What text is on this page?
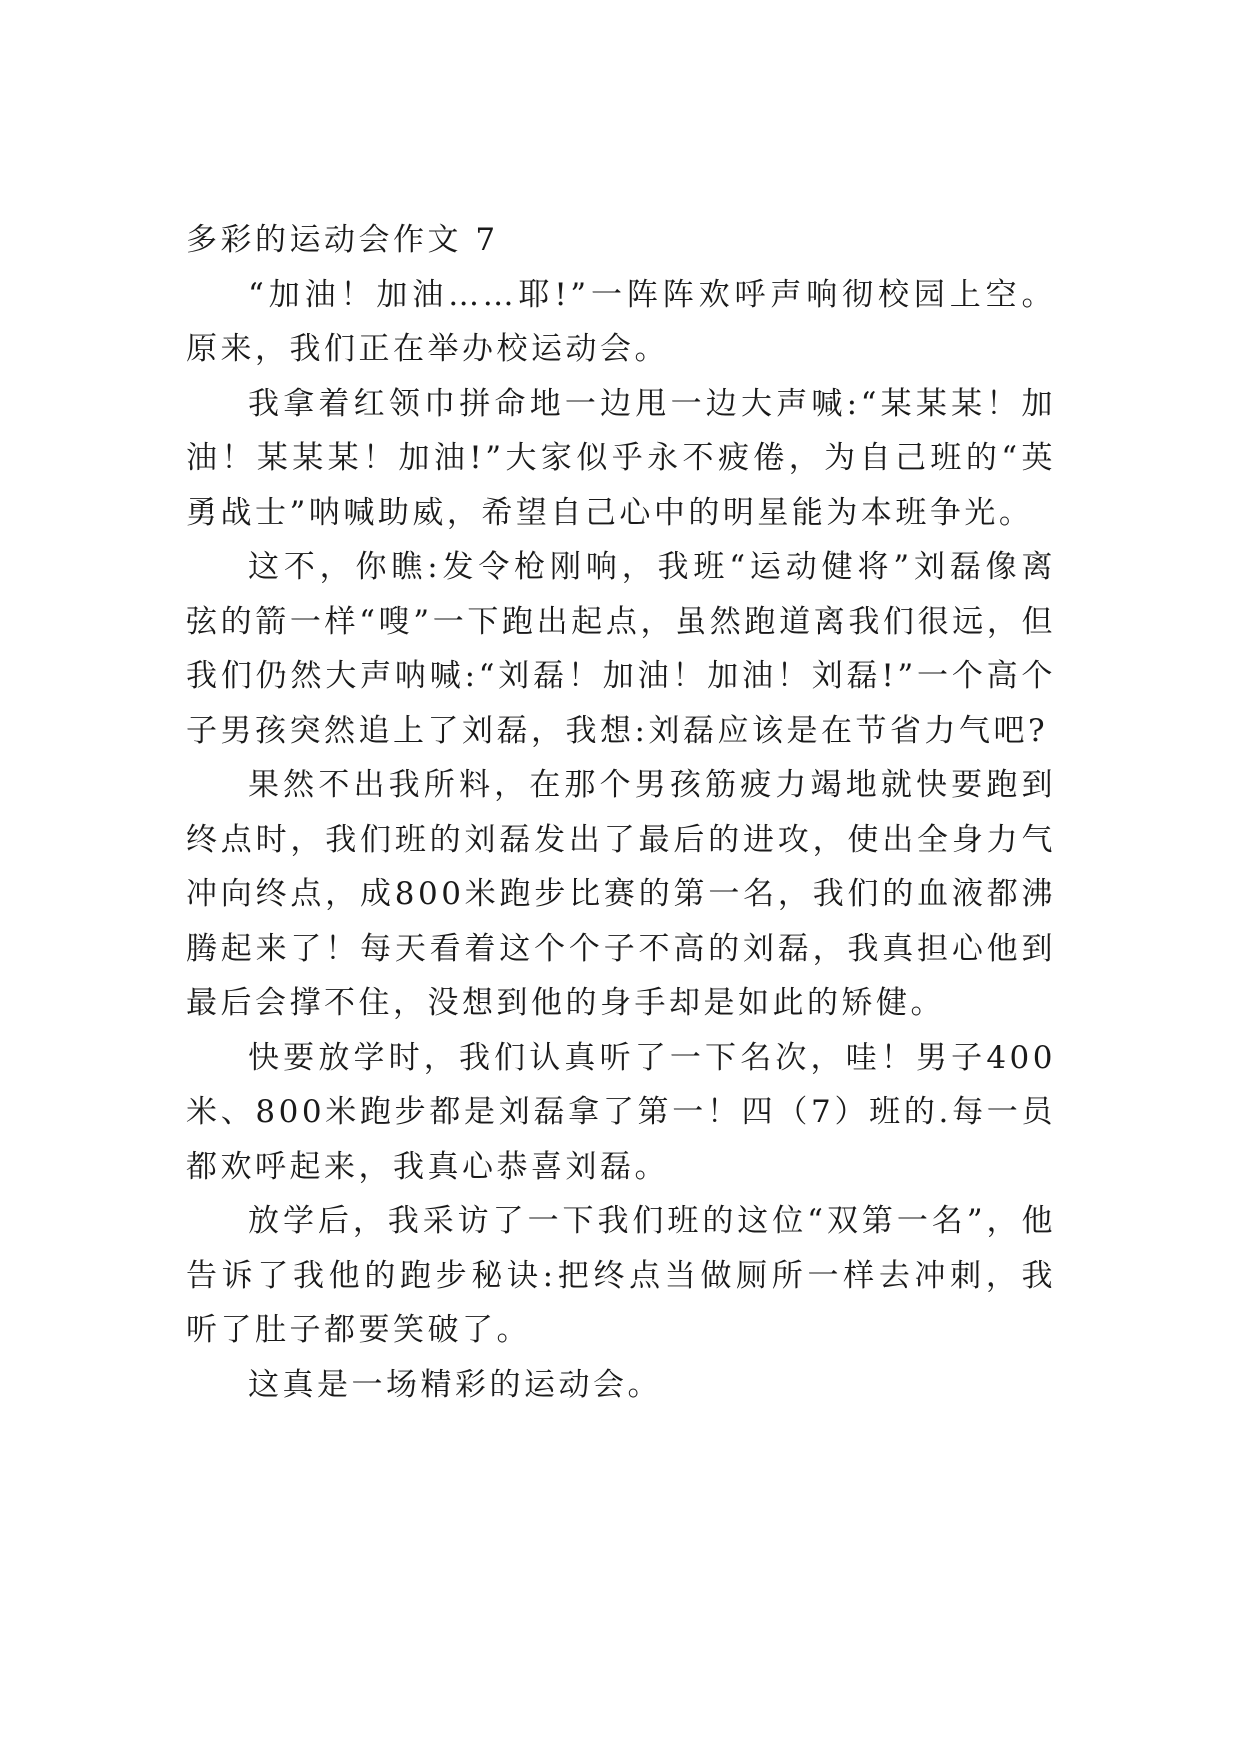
多彩的运动会作文 7

“加油！加油……耶!”一阵阵欢呼声响彻校园上空。原来，我们正在举办校运动会。

我拿着红领巾拼命地一边甩一边大声喊:“某某某！加油！某某某！加油!”大家似乎永不疲倦，为自己班的“英勇战士”呐喊助威，希望自己心中的明星能为本班争光。

这不，你瞧:发令枪刚响，我班“运动健将”刘磊像离弦的箭一样“嗖”一下跑出起点，虽然跑道离我们很远，但我们仍然大声呐喊:“刘磊！加油！加油！刘磊!”一个高个子男孩突然追上了刘磊，我想:刘磊应该是在节省力气吧?

果然不出我所料，在那个男孩筋疲力竭地就快要跑到终点时，我们班的刘磊发出了最后的进攻，使出全身力气冲向终点，成800米跑步比赛的第一名，我们的血液都沸腾起来了！每天看着这个个子不高的刘磊，我真担心他到最后会撑不住，没想到他的身手却是如此的矫健。

快要放学时，我们认真听了一下名次，哇！男子400米、800米跑步都是刘磊拿了第一！四（7）班的.每一员都欢呼起来，我真心恭喜刘磊。

放学后，我采访了一下我们班的这位“双第一名”，他告诉了我他的跑步秘诀:把终点当做厕所一样去冲刺，我听了肚子都要笑破了。

这真是一场精彩的运动会。
